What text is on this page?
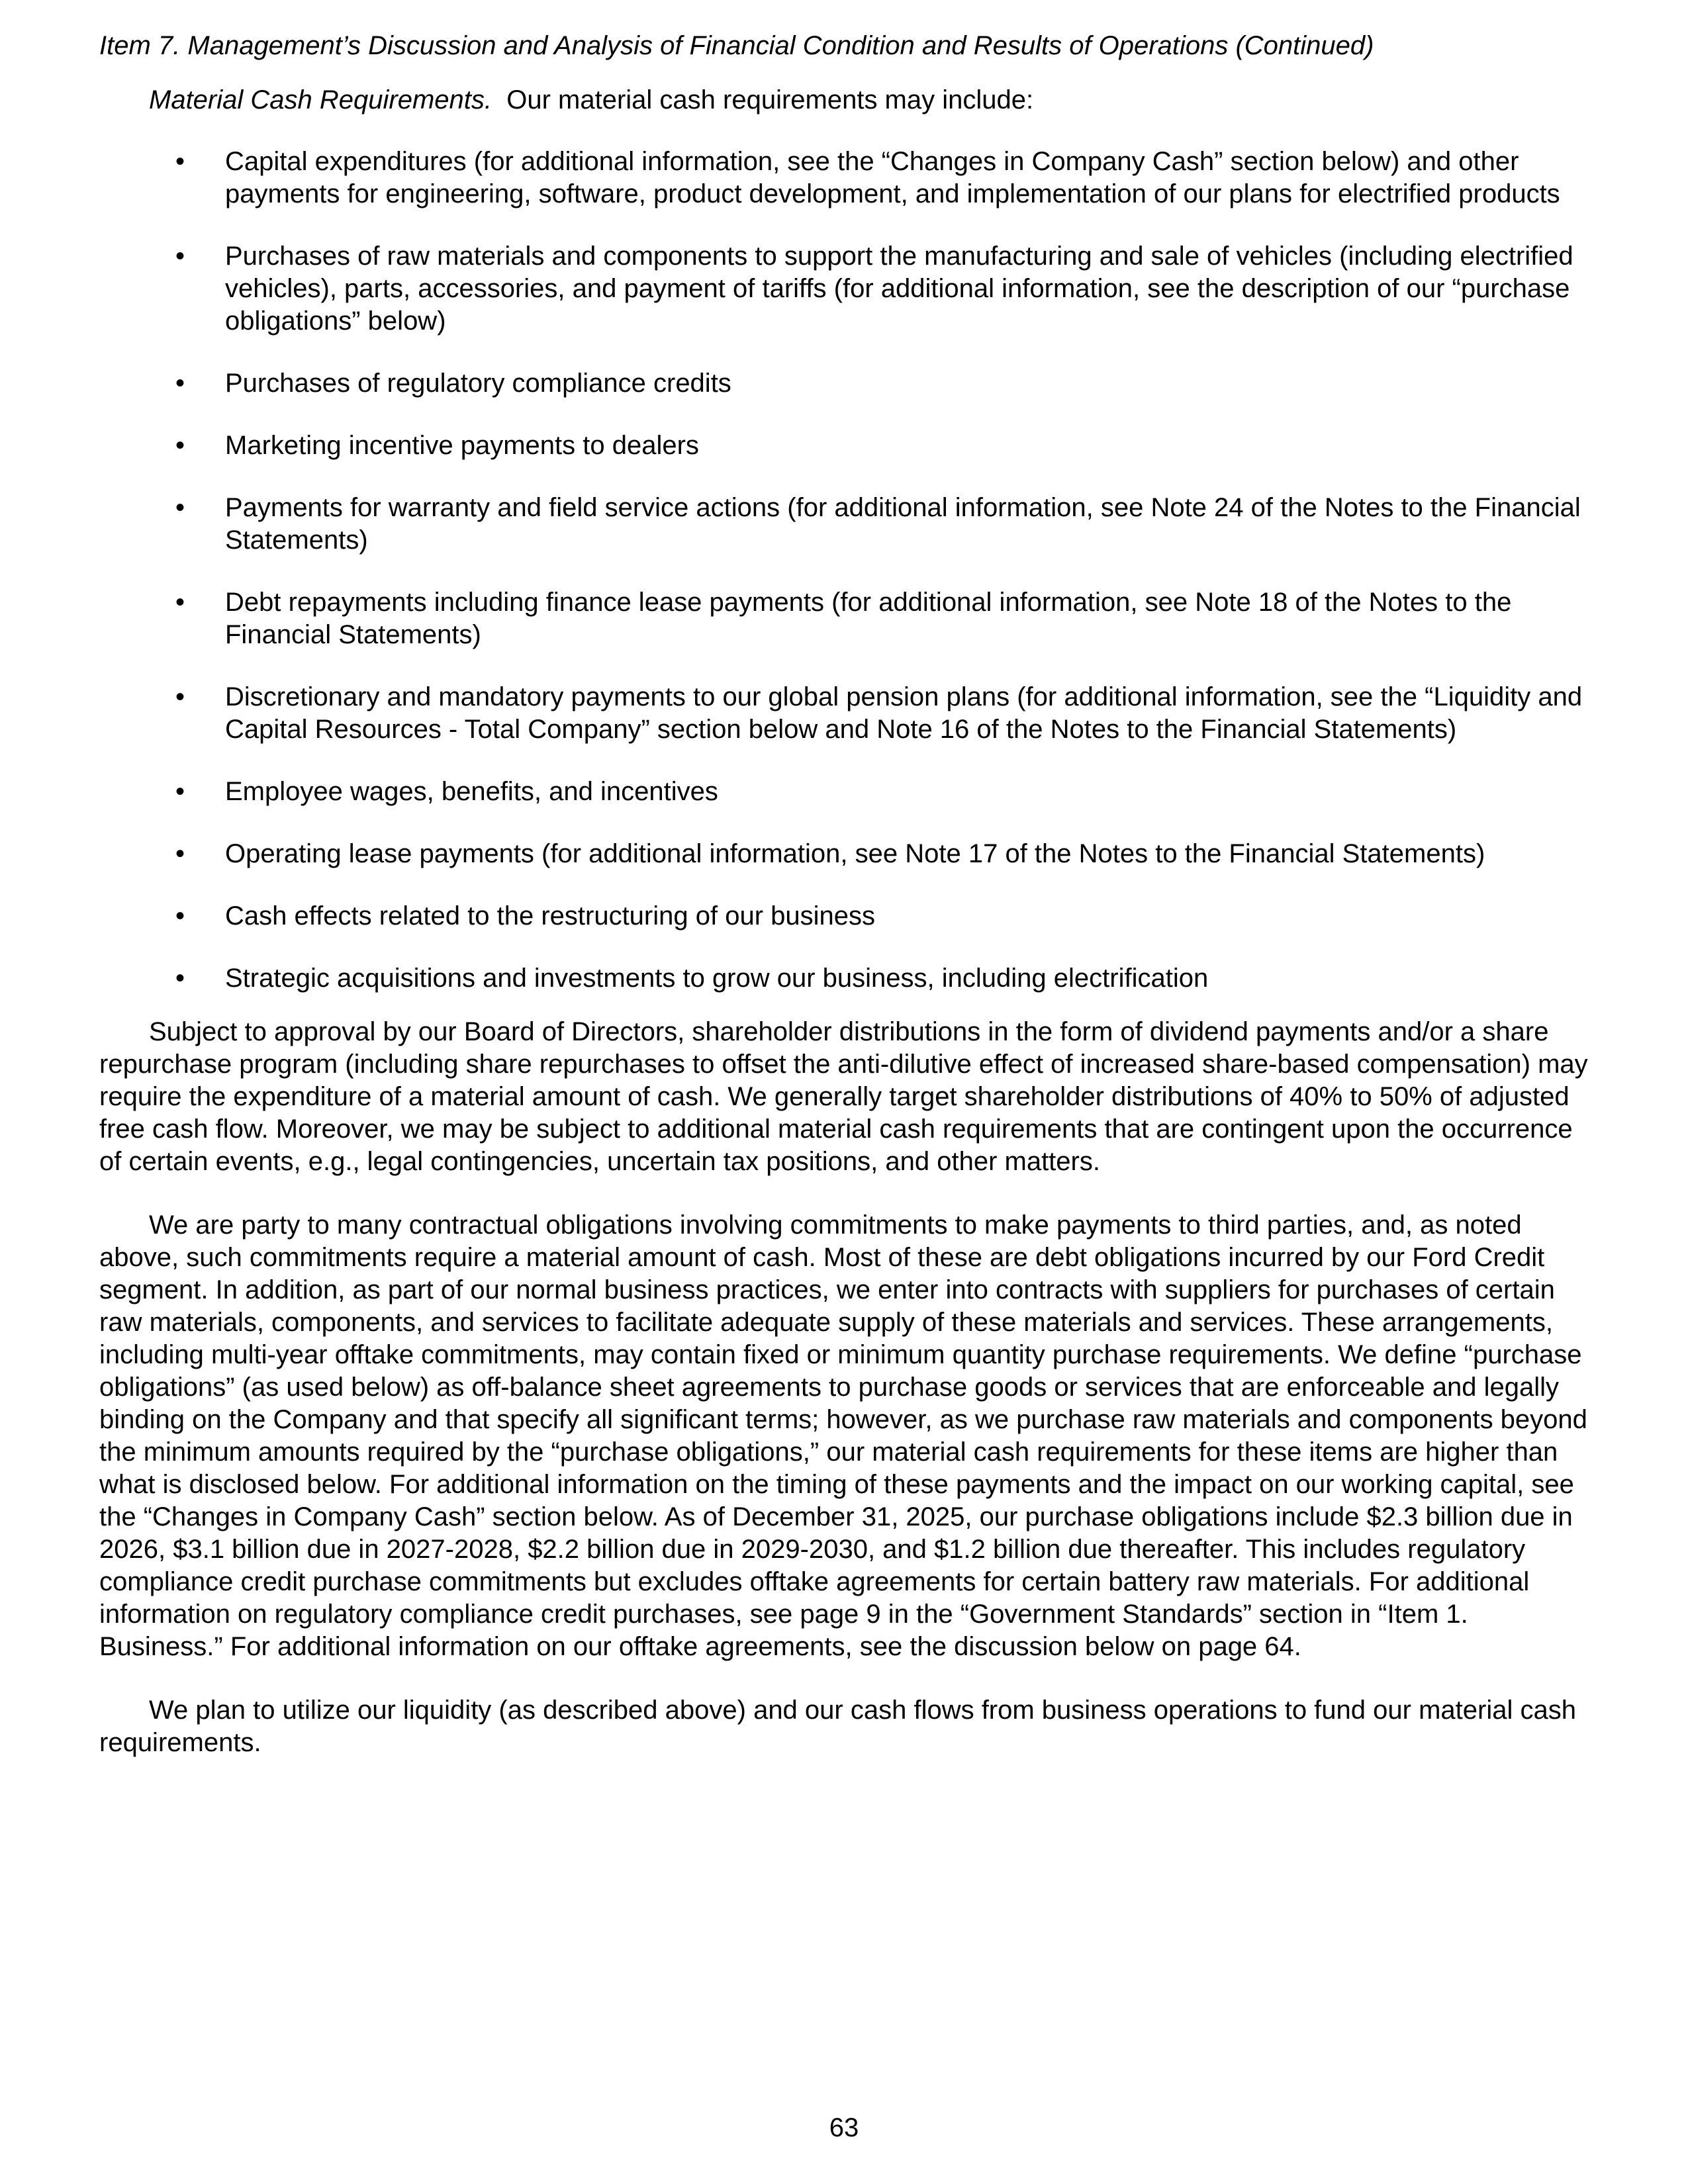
Item 7. Management’s Discussion and Analysis of Financial Condition and Results of Operations (Continued)
Material Cash Requirements.  Our material cash requirements may include:
• Capital expenditures (for additional information, see the “Changes in Company Cash” section below) and other payments for engineering, software, product development, and implementation of our plans for electrified products
• Purchases of raw materials and components to support the manufacturing and sale of vehicles (including electrified vehicles), parts, accessories, and payment of tariffs (for additional information, see the description of our “purchase obligations” below)
• Purchases of regulatory compliance credits
• Marketing incentive payments to dealers
• Payments for warranty and field service actions (for additional information, see Note 24 of the Notes to the Financial Statements)
• Debt repayments including finance lease payments (for additional information, see Note 18 of the Notes to the Financial Statements)
• Discretionary and mandatory payments to our global pension plans (for additional information, see the “Liquidity and Capital Resources - Total Company” section below and Note 16 of the Notes to the Financial Statements)
• Employee wages, benefits, and incentives
• Operating lease payments (for additional information, see Note 17 of the Notes to the Financial Statements)
• Cash effects related to the restructuring of our business
• Strategic acquisitions and investments to grow our business, including electrification

Subject to approval by our Board of Directors, shareholder distributions in the form of dividend payments and/or a share repurchase program (including share repurchases to offset the anti-dilutive effect of increased share-based compensation) may require the expenditure of a material amount of cash. We generally target shareholder distributions of 40% to 50% of adjusted free cash flow. Moreover, we may be subject to additional material cash requirements that are contingent upon the occurrence of certain events, e.g., legal contingencies, uncertain tax positions, and other matters.

We are party to many contractual obligations involving commitments to make payments to third parties, and, as noted above, such commitments require a material amount of cash. Most of these are debt obligations incurred by our Ford Credit segment. In addition, as part of our normal business practices, we enter into contracts with suppliers for purchases of certain raw materials, components, and services to facilitate adequate supply of these materials and services. These arrangements, including multi-year offtake commitments, may contain fixed or minimum quantity purchase requirements. We define “purchase obligations” (as used below) as off-balance sheet agreements to purchase goods or services that are enforceable and legally binding on the Company and that specify all significant terms; however, as we purchase raw materials and components beyond the minimum amounts required by the “purchase obligations,” our material cash requirements for these items are higher than what is disclosed below. For additional information on the timing of these payments and the impact on our working capital, see the “Changes in Company Cash” section below. As of December 31, 2025, our purchase obligations include $2.3 billion due in 2026, $3.1 billion due in 2027-2028, $2.2 billion due in 2029-2030, and $1.2 billion due thereafter. This includes regulatory compliance credit purchase commitments but excludes offtake agreements for certain battery raw materials. For additional information on regulatory compliance credit purchases, see page 9 in the “Government Standards” section in “Item 1. Business.” For additional information on our offtake agreements, see the discussion below on page 64.

We plan to utilize our liquidity (as described above) and our cash flows from business operations to fund our material cash requirements.

63
